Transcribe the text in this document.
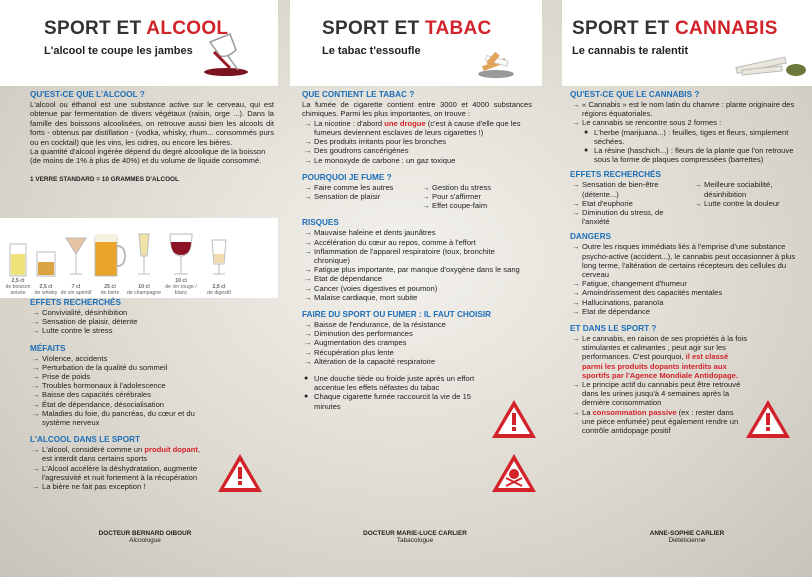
SPORT ET ALCOOL
L'alcool te coupe les jambes
QU'EST-CE QUE L'ALCOOL ?

L'alcool ou éthanol est une substance active sur le cerveau, qui est obtenue par fermentation de divers végétaux (raisin, orge ...). Dans la famille des boissons alcoolisées, on retrouve aussi bien les alcools dit forts - obtenus par distillation - (vodka, whisky, rhum... consommés purs ou en cocktail) que les vins, les cidres, ou encore les bières.

La quantité d'alcool ingérée dépend du degré alcoolique de la boisson (de moins de 1% à plus de 40%) et du volume de liquide consommé.

1 VERRE STANDARD = 10 GRAMMES D'ALCOOL
2,5 cl
de boisson anisée
2,5 cl
de whisky
7 cl
de vin apéritif
25 cl
de bière
10 cl
de champagne
10 cl
de vin rouge / blanc
2,5 cl
de digestif
EFFETS RECHERCHÉS
→ Convivialité, désinhibition
→ Sensation de plaisir, détente
→ Lutte contre le stress
MÉFAITS
→ Violence, accidents
→ Perturbation de la qualité du sommeil
→ Prise de poids
→ Troubles hormonaux à l'adolescence
→ Baisse des capacités cérébrales
→ État de dépendance, désocialisation
→ Maladies du foie, du pancréas, du cœur et du système nerveux
L'ALCOOL DANS LE SPORT
→ L'alcool, considéré comme un produit dopant, est interdit dans certains sports
→ L'Alcool accélère la déshydratation, augmente l'agressivité et nuit fortement à la récupération
→ La bière ne fait pas exception !
DOCTEUR BERNARD OIBOUR
Alcoologue
SPORT ET TABAC
Le tabac t'essoufle
QUE CONTIENT LE TABAC ?

La fumée de cigarette contient entre 3000 et 4000 substances chimiques. Parmi les plus importantes, on trouve :

→ La nicotine : d'abord une drogue (c'est à cause d'elle que les fumeurs deviennent esclaves de leurs cigarettes !)
→ Des produits irritants pour les bronches
→ Des goudrons cancérigènes
→ Le monoxyde de carbone : un gaz toxique
POURQUOI JE FUME ?
→ Faire comme les autres
→ Sensation de plaisir
→ Gestion du stress
→ Pour s'affirmer
→ Effet coupe-faim
RISQUES
→ Mauvaise haleine et dents jaunâtres
→ Accélération du cœur au repos, comme à l'effort
→ Inflammation de l'appareil respiratoire (toux, bronchite chronique)
→ Fatigue plus importante, par manque d'oxygène dans le sang
→ Etat de dépendance
→ Cancer (voies digestives et poumon)
→ Malaise cardiaque, mort subite
FAIRE DU SPORT OU FUMER : IL FAUT CHOISIR
→ Baisse de l'endurance, de la résistance
→ Diminution des performances
→ Augmentation des crampes
→ Récupération plus lente
→ Altération de la capacité respiratoire
● Une douche tiède ou froide juste après un effort accentue les effets néfastes du tabac
● Chaque cigarette fumée raccourcit la vie de 15 minutes
DOCTEUR MARIE-LUCE CARLIER
Tabacologue
SPORT ET CANNABIS
Le cannabis te ralentit
QU'EST-CE QUE LE CANNABIS ?
→ « Cannabis » est le nom latin du chanvre : plante originaire des régions équatoriales.
→ Le cannabis se rencontre sous 2 formes :
● L'herbe (marijuana...) : feuilles, tiges et fleurs, simplement séchées.
● La résine (haschich...) : fleurs de la plante que l'on retrouve sous la forme de plaques compressées (barrettes)
EFFETS RECHERCHÉS
→ Sensation de bien-être (détente...)
→ Etat d'euphorie
→ Diminution du stress, de l'anxiété
→ Meilleure sociabilité, désinhibition
→ Lutte contre la douleur
DANGERS
→ Outre les risques immédiats liés à l'emprise d'une substance psycho-active (accident...), le cannabis peut occasionner à plus long terme, l'altération de certains récepteurs des cellules du cerveau
→ Fatigue, changement d'humeur
→ Amoindrissement des capacités mentales
→ Hallucinations, paranoïa
→ Etat de dépendance
ET DANS LE SPORT ?
→ Le cannabis, en raison de ses propriétés à la fois stimulantes et calmantes , peut agir sur les performances. C'est pourquoi, il est classé parmi les produits dopants interdits aux sportifs par l'Agence Mondiale Antidopage.
→ Le principe actif du cannabis peut être retrouvé dans les urines jusqu'à 4 semaines après la dernière consommation
→ La consommation passive (ex : rester dans une pièce enfumée) peut également rendre un contrôle antidopage positif
ANNE-SOPHIE CARLIER
Diététicienne
